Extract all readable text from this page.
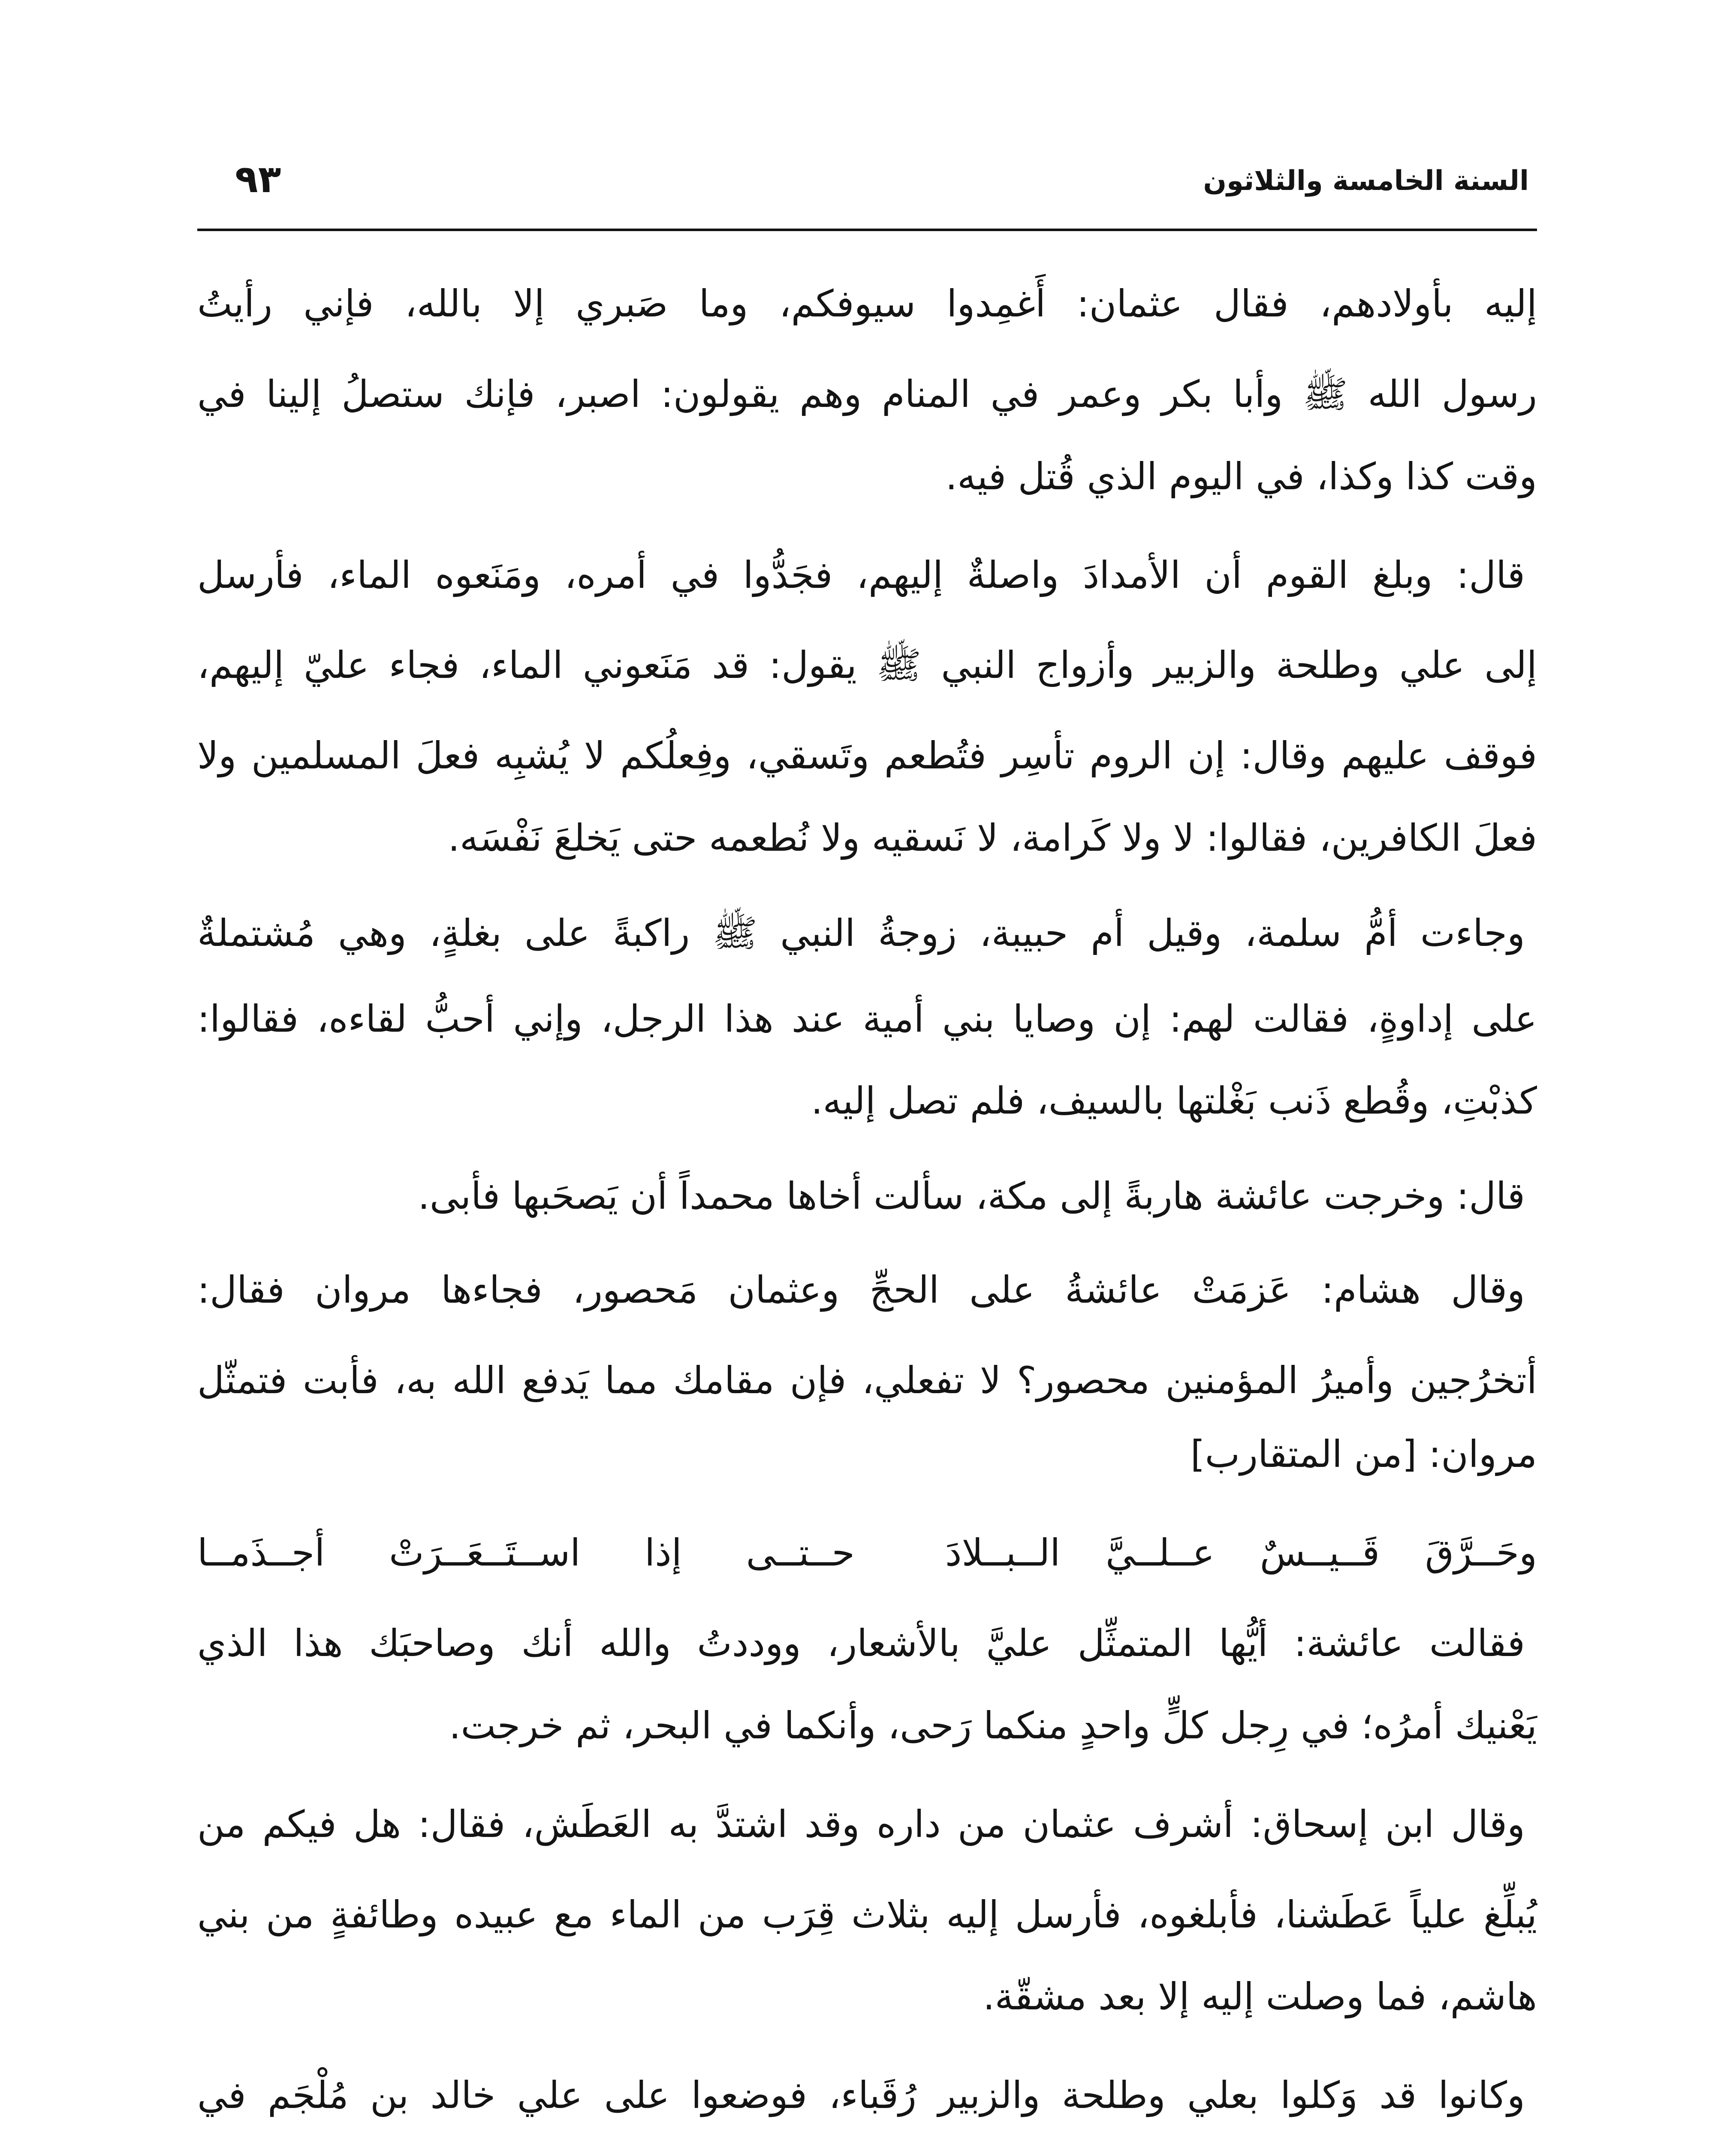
السنة الخامسة والثلاثون
٩٣
إليه بأولادهم، فقال عثمان: أَغمِدوا سيوفكم، وما صَبري إلا بالله، فإني رأيتُ
رسول الله ﷺ وأبا بكر وعمر في المنام وهم يقولون: اصبر، فإنك ستصلُ إلينا في
وقت كذا وكذا، في اليوم الذي قُتل فيه.
قال: وبلغ القوم أن الأمدادَ واصلةٌ إليهم، فجَدُّوا في أمره، ومَنَعوه الماء، فأرسل
إلى علي وطلحة والزبير وأزواج النبي ﷺ يقول: قد مَنَعوني الماء، فجاء عليّ إليهم،
فوقف عليهم وقال: إن الروم تأسِر فتُطعم وتَسقي، وفِعلُكم لا يُشبِه فعلَ المسلمين ولا
فعلَ الكافرين، فقالوا: لا ولا كَرامة، لا نَسقيه ولا نُطعمه حتى يَخلعَ نَفْسَه.
وجاءت أمُّ سلمة، وقيل أم حبيبة، زوجةُ النبي ﷺ راكبةً على بغلةٍ، وهي مُشتملةٌ
على إداوةٍ، فقالت لهم: إن وصايا بني أمية عند هذا الرجل، وإني أحبُّ لقاءه، فقالوا:
كذبْتِ، وقُطع ذَنب بَغْلتها بالسيف، فلم تصل إليه.
قال: وخرجت عائشة هاربةً إلى مكة، سألت أخاها محمداً أن يَصحَبها فأبى.
وقال هشام: عَزمَتْ عائشةُ على الحجِّ وعثمان مَحصور، فجاءها مروان فقال:
أتخرُجين وأميرُ المؤمنين محصور؟ لا تفعلي، فإن مقامك مما يَدفع الله به، فأبت فتمثّل
مروان: [من المتقارب]
وحَــرَّقَ قَــيــسٌ عــلــيَّ الــبــلادَ
حــتــى إذا اســتَــعَــرَتْ أجــذَمــا
فقالت عائشة: أيُّها المتمثِّل عليَّ بالأشعار، ووددتُ والله أنك وصاحبَك هذا الذي
يَعْنيك أمرُه؛ في رِجل كلٍّ واحدٍ منكما رَحى، وأنكما في البحر، ثم خرجت.
وقال ابن إسحاق: أشرف عثمان من داره وقد اشتدَّ به العَطَش، فقال: هل فيكم من
يُبلِّغ علياً عَطَشنا، فأبلغوه، فأرسل إليه بثلاث قِرَب من الماء مع عبيده وطائفةٍ من بني
هاشم، فما وصلت إليه إلا بعد مشقّة.
وكانوا قد وَكلوا بعلي وطلحة والزبير رُقَباء، فوضعوا على علي خالد بن مُلْجَم في
